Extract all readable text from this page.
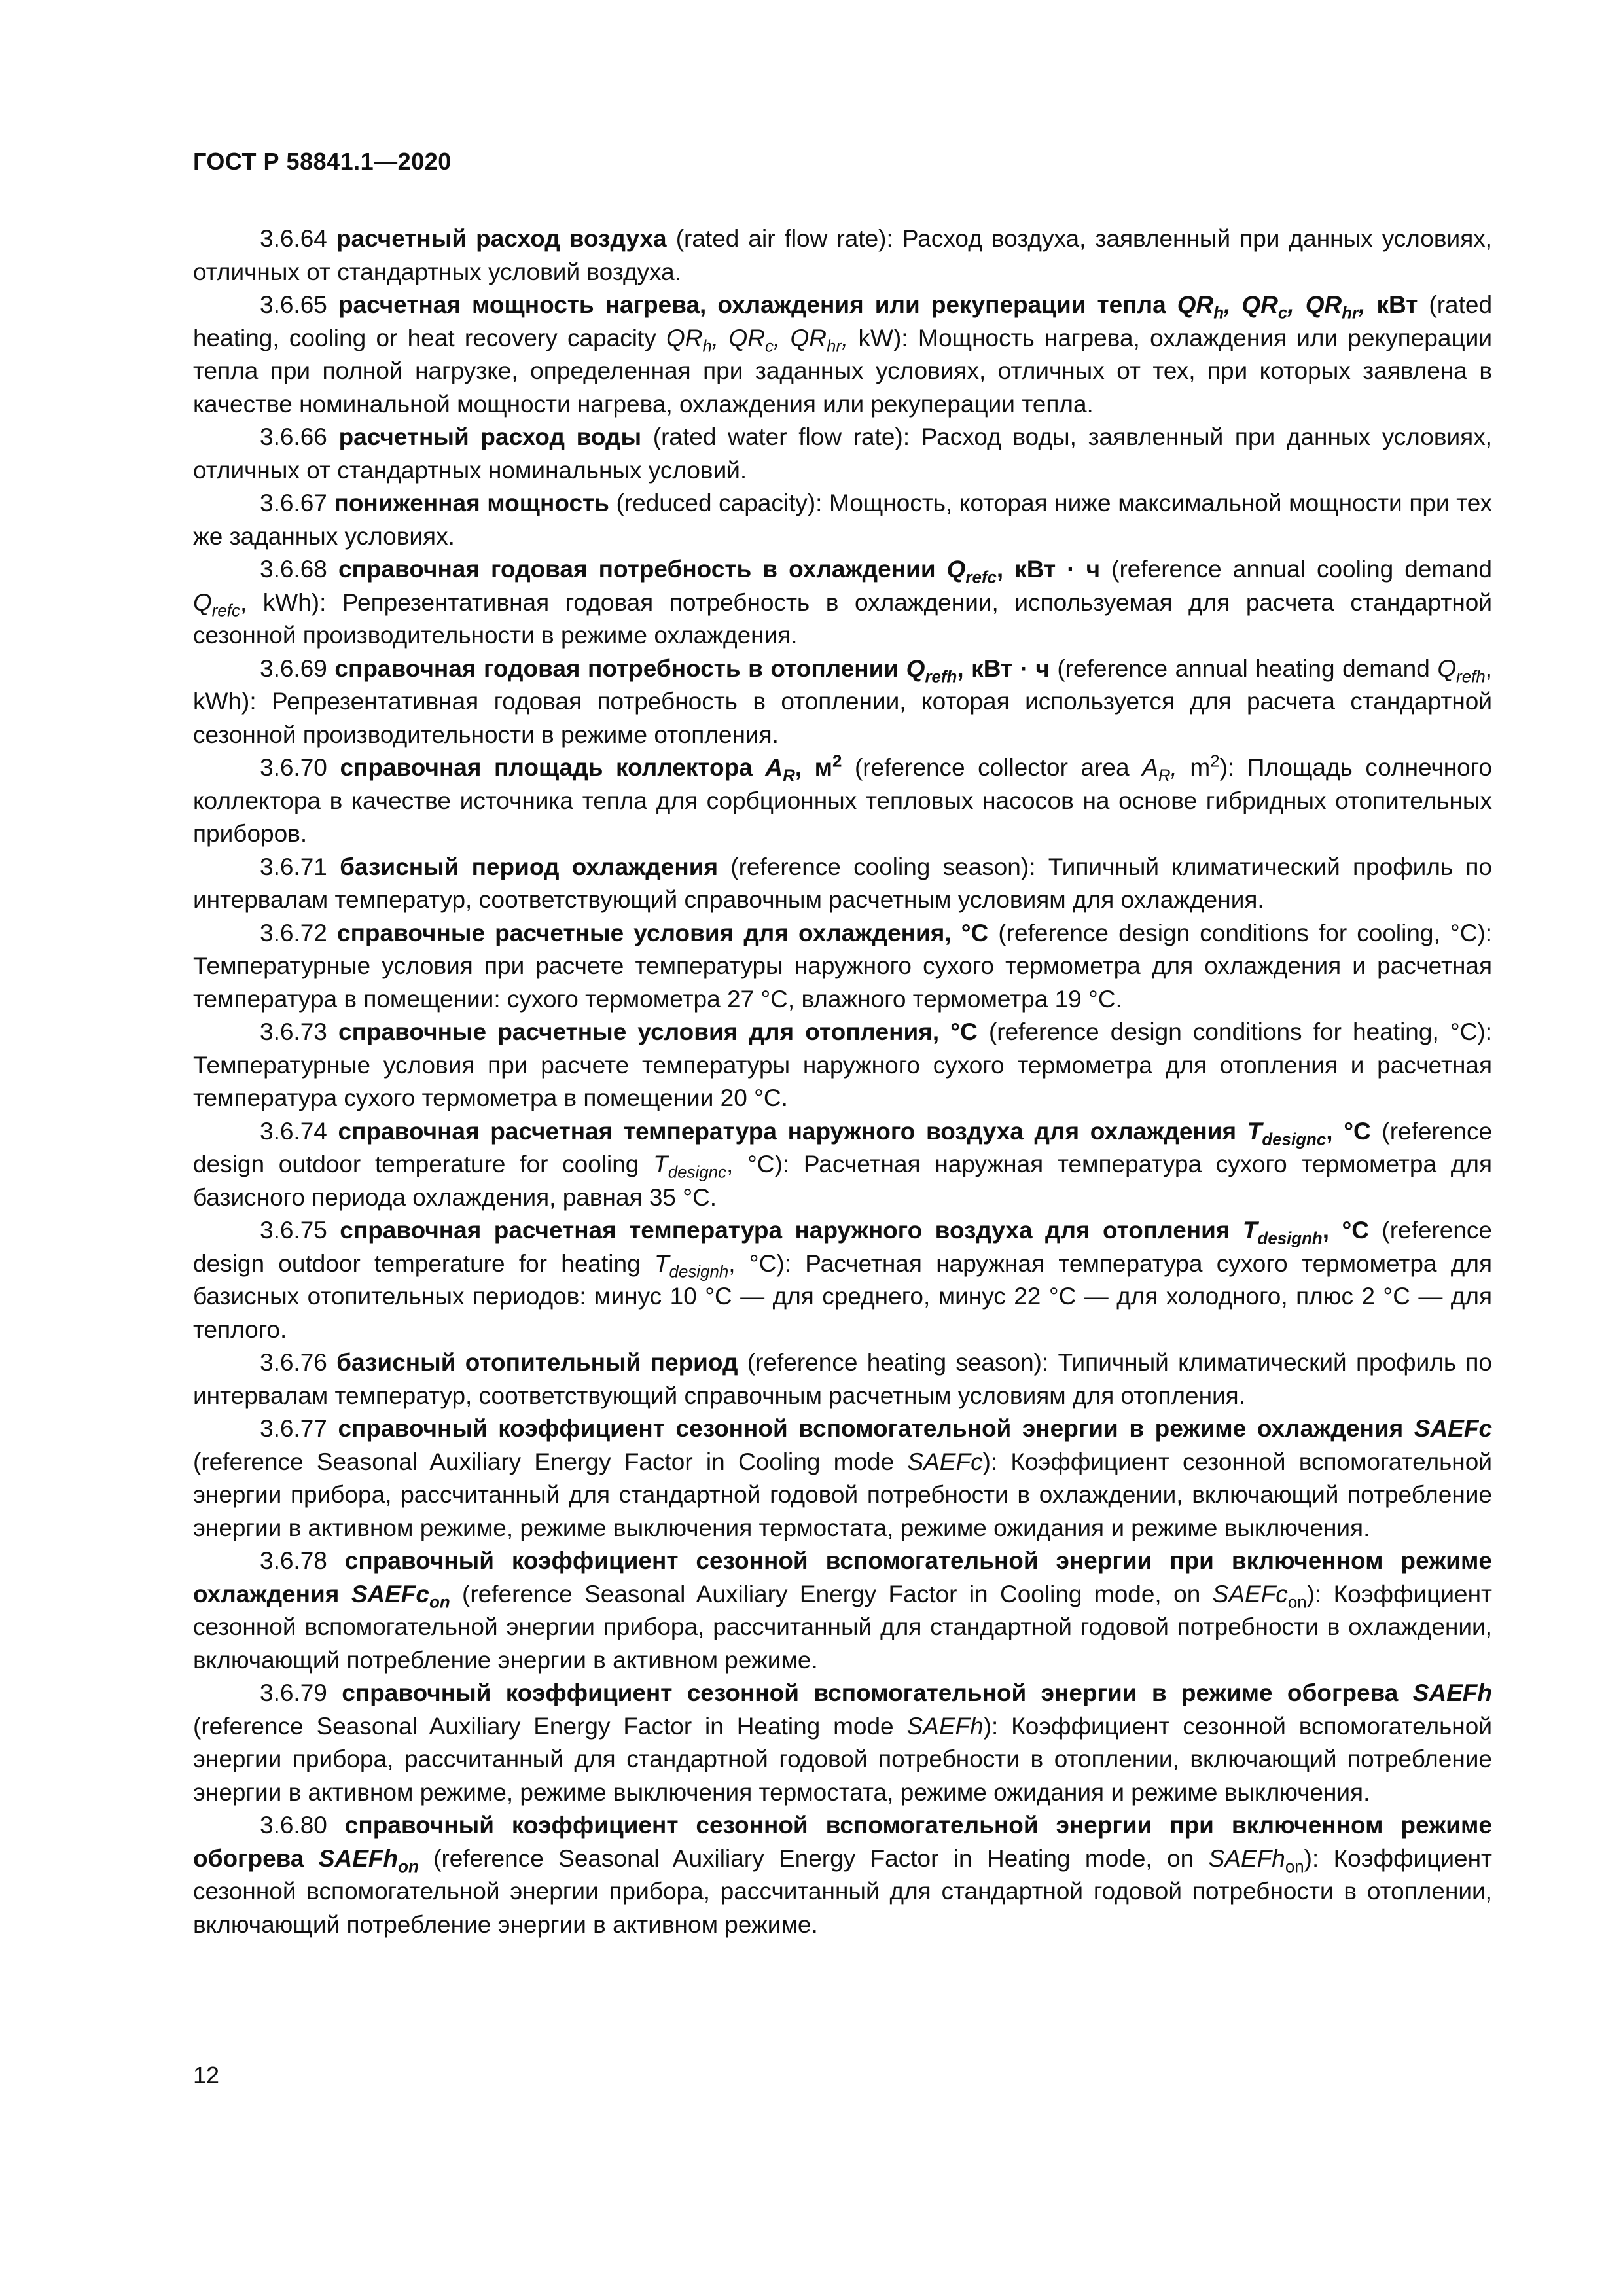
ГОСТ Р 58841.1—2020

3.6.64 расчетный расход воздуха (rated air flow rate): Расход воздуха, заявленный при данных условиях, отличных от стандартных условий воздуха.

3.6.65 расчетная мощность нагрева, охлаждения или рекуперации тепла $QR_h$, $QR_c$, $QR_{hr}$, кВт (rated heating, cooling or heat recovery capacity $QR_h$, $QR_c$, $QR_{hr}$, kW): Мощность нагрева, охлаждения или рекуперации тепла при полной нагрузке, определенная при заданных условиях, отличных от тех, при которых заявлена в качестве номинальной мощности нагрева, охлаждения или рекуперации тепла.

3.6.66 расчетный расход воды (rated water flow rate): Расход воды, заявленный при данных условиях, отличных от стандартных номинальных условий.

3.6.67 пониженная мощность (reduced capacity): Мощность, которая ниже максимальной мощности при тех же заданных условиях.

3.6.68 справочная годовая потребность в охлаждении $Q_{refc}$, кВт · ч (reference annual cooling demand $Q_{refc}$, kWh): Репрезентативная годовая потребность в охлаждении, используемая для расчета стандартной сезонной производительности в режиме охлаждения.

3.6.69 справочная годовая потребность в отоплении $Q_{refh}$, кВт · ч (reference annual heating demand $Q_{refh}$, kWh): Репрезентативная годовая потребность в отоплении, которая используется для расчета стандартной сезонной производительности в режиме отопления.

3.6.70 справочная площадь коллектора $A_R$, $м^2$ (reference collector area $A_R$, $m^2$): Площадь солнечного коллектора в качестве источника тепла для сорбционных тепловых насосов на основе гибридных отопительных приборов.

3.6.71 базисный период охлаждения (reference cooling season): Типичный климатический профиль по интервалам температур, соответствующий справочным расчетным условиям для охлаждения.

3.6.72 справочные расчетные условия для охлаждения, °С (reference design conditions for cooling, °С): Температурные условия при расчете температуры наружного сухого термометра для охлаждения и расчетная температура в помещении: сухого термометра 27 °С, влажного термометра 19 °С.

3.6.73 справочные расчетные условия для отопления, °С (reference design conditions for heating, °С): Температурные условия при расчете температуры наружного сухого термометра для отопления и расчетная температура сухого термометра в помещении 20 °С.

3.6.74 справочная расчетная температура наружного воздуха для охлаждения $T_{designc}$, °С (reference design outdoor temperature for cooling $T_{designc}$, °С): Расчетная наружная температура сухого термометра для базисного периода охлаждения, равная 35 °С.

3.6.75 справочная расчетная температура наружного воздуха для отопления $T_{designh}$, °С (reference design outdoor temperature for heating $T_{designh}$, °С): Расчетная наружная температура сухого термометра для базисных отопительных периодов: минус 10 °С — для среднего, минус 22 °С — для холодного, плюс 2 °С — для теплого.

3.6.76 базисный отопительный период (reference heating season): Типичный климатический профиль по интервалам температур, соответствующий справочным расчетным условиям для отопления.

3.6.77 справочный коэффициент сезонной вспомогательной энергии в режиме охлаждения SAEFc (reference Seasonal Auxiliary Energy Factor in Cooling mode SAEFc): Коэффициент сезонной вспомогательной энергии прибора, рассчитанный для стандартной годовой потребности в охлаждении, включающий потребление энергии в активном режиме, режиме выключения термостата, режиме ожидания и режиме выключения.

3.6.78 справочный коэффициент сезонной вспомогательной энергии при включенном режиме охлаждения SAEFc$_{on}$ (reference Seasonal Auxiliary Energy Factor in Cooling mode, on SAEFc$_{on}$): Коэффициент сезонной вспомогательной энергии прибора, рассчитанный для стандартной годовой потребности в охлаждении, включающий потребление энергии в активном режиме.

3.6.79 справочный коэффициент сезонной вспомогательной энергии в режиме обогрева SAEFh (reference Seasonal Auxiliary Energy Factor in Heating mode SAEFh): Коэффициент сезонной вспомогательной энергии прибора, рассчитанный для стандартной годовой потребности в отоплении, включающий потребление энергии в активном режиме, режиме выключения термостата, режиме ожидания и режиме выключения.

3.6.80 справочный коэффициент сезонной вспомогательной энергии при включенном режиме обогрева SAEFh$_{on}$ (reference Seasonal Auxiliary Energy Factor in Heating mode, on SAEFh$_{on}$): Коэффициент сезонной вспомогательной энергии прибора, рассчитанный для стандартной годовой потребности в отоплении, включающий потребление энергии в активном режиме.

12
